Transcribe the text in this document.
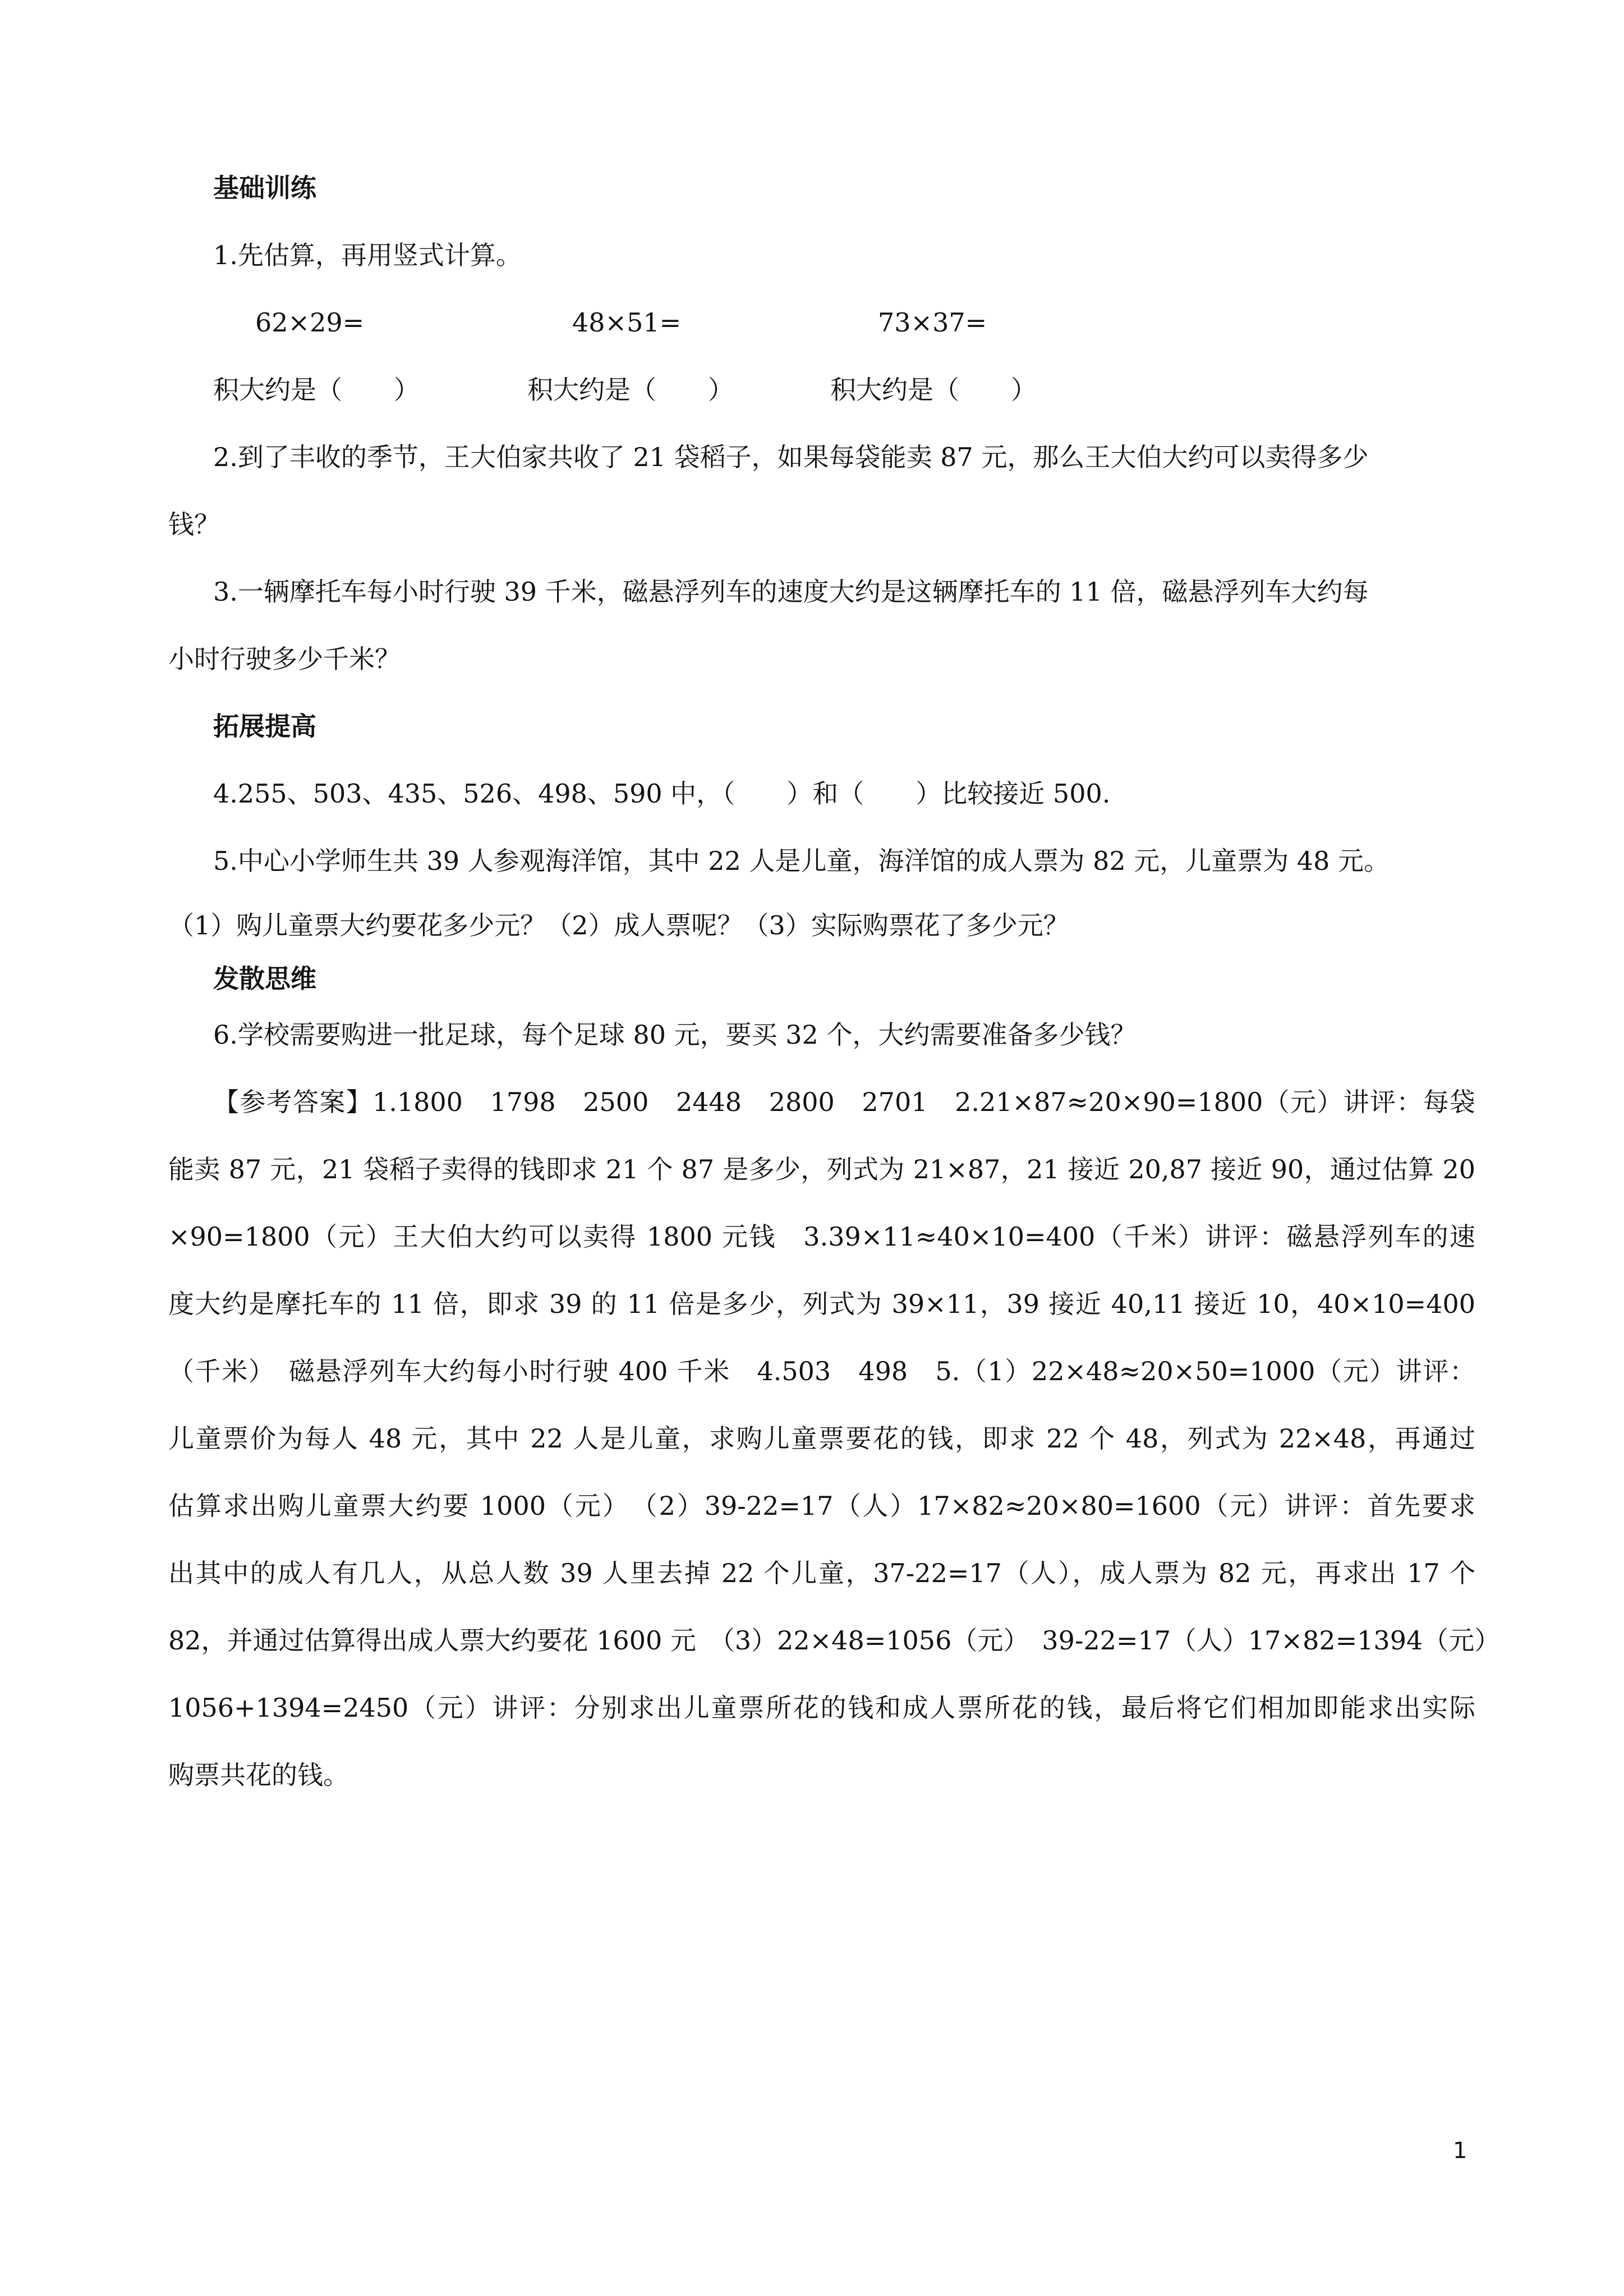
基础训练
1.先估算，再用竖式计算。
62×29=	48×51=	73×37=
积大约是（　　）	积大约是（　　）	积大约是（　　）
2.到了丰收的季节，王大伯家共收了 21 袋稻子，如果每袋能卖 87 元，那么王大伯大约可以卖得多少
钱？
3.一辆摩托车每小时行驶 39 千米，磁悬浮列车的速度大约是这辆摩托车的 11 倍，磁悬浮列车大约每
小时行驶多少千米？
拓展提高
4.255、503、435、526、498、590 中，（　　）和（　　）比较接近 500.
5.中心小学师生共 39 人参观海洋馆，其中 22 人是儿童，海洋馆的成人票为 82 元，儿童票为 48 元。
（1）购儿童票大约要花多少元？（2）成人票呢？（3）实际购票花了多少元？
发散思维
6.学校需要购进一批足球，每个足球 80 元，要买 32 个，大约需要准备多少钱？
【参考答案】1.1800　1798　2500　2448　2800　2701　2.21×87≈20×90=1800（元）讲评：每袋
能卖 87 元，21 袋稻子卖得的钱即求 21 个 87 是多少，列式为 21×87，21 接近 20,87 接近 90，通过估算 20
×90=1800（元）王大伯大约可以卖得 1800 元钱　3.39×11≈40×10=400（千米）讲评：磁悬浮列车的速
度大约是摩托车的 11 倍，即求 39 的 11 倍是多少，列式为 39×11，39 接近 40,11 接近 10，40×10=400
（千米）　磁悬浮列车大约每小时行驶 400 千米　4.503　498　5.（1）22×48≈20×50=1000（元）讲评：
儿童票价为每人 48 元，其中 22 人是儿童，求购儿童票要花的钱，即求 22 个 48，列式为 22×48，再通过
估算求出购儿童票大约要 1000（元）　（2）39-22=17（人）17×82≈20×80=1600（元）讲评：首先要求
出其中的成人有几人，从总人数 39 人里去掉 22 个儿童，37-22=17（人），成人票为 82 元，再求出 17 个
82，并通过估算得出成人票大约要花 1600 元　（3）22×48=1056（元）　39-22=17（人）17×82=1394（元）
1056+1394=2450（元）讲评：分别求出儿童票所花的钱和成人票所花的钱，最后将它们相加即能求出实际
购票共花的钱。
1
